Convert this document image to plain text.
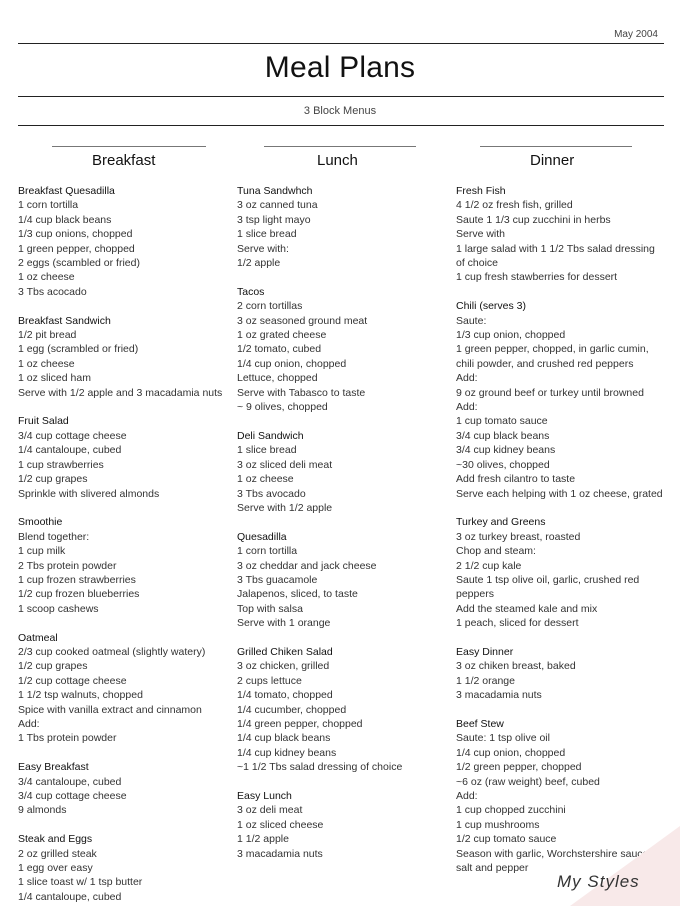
May 2004
Meal Plans
3 Block Menus
Breakfast
Breakfast Quesadilla
1 corn tortilla
1/4 cup black beans
1/3 cup onions, chopped
1 green pepper, chopped
2 eggs (scambled or fried)
1 oz cheese
3 Tbs acocado
Breakfast Sandwich
1/2 pit bread
1 egg (scrambled or fried)
1 oz cheese
1 oz sliced ham
Serve with 1/2 apple and 3 macadamia nuts
Fruit Salad
3/4 cup cottage cheese
1/4 cantaloupe, cubed
1 cup strawberries
1/2 cup grapes
Sprinkle with slivered almonds
Smoothie
Blend together:
1 cup milk
2 Tbs protein powder
1 cup frozen strawberries
1/2 cup frozen blueberries
1 scoop cashews
Oatmeal
2/3 cup cooked oatmeal (slightly watery)
1/2 cup grapes
1/2 cup cottage cheese
1 1/2 tsp walnuts, chopped
Spice with vanilla extract and cinnamon
Add:
1 Tbs protein powder
Easy Breakfast
3/4 cantaloupe, cubed
3/4 cup cottage cheese
9 almonds
Steak and Eggs
2 oz grilled steak
1 egg over easy
1 slice toast w/ 1 tsp butter
1/4 cantaloupe, cubed
Lunch
Tuna Sandwhch
3 oz canned tuna
3 tsp light mayo
1 slice bread
Serve with:
1/2 apple
Tacos
2 corn tortillas
3 oz seasoned ground meat
1 oz grated cheese
1/2 tomato, cubed
1/4 cup onion, chopped
Lettuce, chopped
Serve with Tabasco to taste
~ 9 olives, chopped
Deli Sandwich
1 slice bread
3 oz sliced deli meat
1 oz cheese
3 Tbs avocado
Serve with 1/2 apple
Quesadilla
1 corn tortilla
3 oz cheddar and jack cheese
3 Tbs guacamole
Jalapenos, sliced, to taste
Top with salsa
Serve with 1 orange
Grilled Chiken Salad
3 oz chicken, grilled
2 cups lettuce
1/4 tomato, chopped
1/4 cucumber, chopped
1/4 green pepper, chopped
1/4 cup black beans
1/4 cup kidney beans
~1 1/2 Tbs salad dressing of choice
Easy Lunch
3 oz deli meat
1 oz sliced cheese
1 1/2 apple
3 macadamia nuts
Dinner
Fresh Fish
4 1/2 oz fresh fish, grilled
Saute 1 1/3 cup zucchini in herbs
Serve with
1 large salad with 1 1/2 Tbs salad dressing
of choice
1 cup fresh stawberries for dessert
Chili (serves 3)
Saute:
1/3 cup onion, chopped
1 green pepper, chopped, in garlic cumin,
chili powder, and crushed red peppers
Add:
9 oz ground beef or turkey until browned
Add:
1 cup tomato sauce
3/4 cup black beans
3/4 cup kidney beans
~30 olives, chopped
Add fresh cilantro to taste
Serve each helping with 1 oz cheese, grated
Turkey and Greens
3 oz turkey breast, roasted
Chop and steam:
2 1/2 cup kale
Saute 1 tsp olive oil, garlic, crushed red
peppers
Add the steamed kale and mix
1 peach, sliced for dessert
Easy Dinner
3 oz chiken breast, baked
1 1/2 orange
3 macadamia nuts
Beef Stew
Saute: 1 tsp olive oil
1/4 cup onion, chopped
1/2 green pepper, chopped
~6 oz (raw weight) beef, cubed
Add:
1 cup chopped zucchini
1 cup mushrooms
1/2 cup tomato sauce
Season with garlic, Worchstershire sauce,
salt and pepper
My Styles
